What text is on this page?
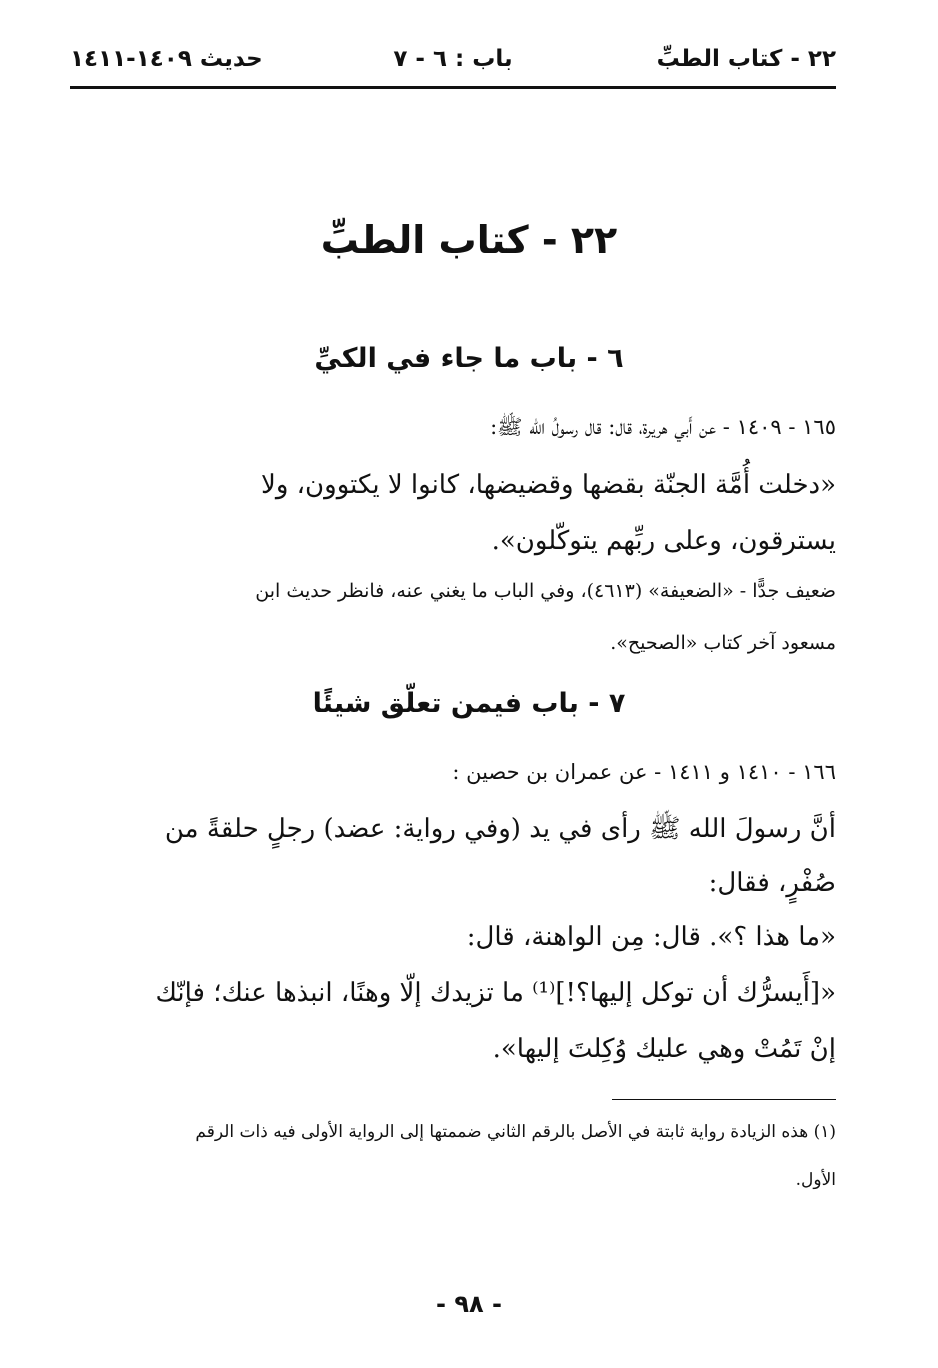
٢٢ - كتاب الطبِّ
باب : ٦ - ٧
حديث ١٤٠٩-١٤١١
٢٢ - كتاب الطبِّ
٦ - باب ما جاء في الكيِّ
١٦٥ - ١٤٠٩ - عن أَبي هريرة، قال: قال رسولُ الله ﷺ:
«دخلت أُمَّة الجنّة بقضها وقضيضها، كانوا لا يكتوون، ولا
يسترقون، وعلى ربِّهم يتوكّلون».
ضعيف جدًّا - «الضعيفة» (٤٦١٣)، وفي الباب ما يغني عنه، فانظر حديث ابن
مسعود آخر كتاب «الصحيح».
٧ - باب فيمن تعلّق شيئًا
١٦٦ - ١٤١٠ و ١٤١١ - عن عمران بن حصين :
أنَّ رسولَ الله ﷺ رأى في يد (وفي رواية: عضد) رجلٍ حلقةً من
صُفْرٍ، فقال:
«ما هذا ؟». قال: مِن الواهنة، قال:
«[أَيسرُّك أن توكل إليها؟!]⁽¹⁾ ما تزيدك إلّا وهنًا، انبذها عنك؛ فإنّك
إنْ تَمُتْ وهي عليك وُكِلتَ إليها».
(١) هذه الزيادة رواية ثابتة في الأصل بالرقم الثاني ضممتها إلى الرواية الأولى فيه ذات الرقم
الأول.
- ٩٨ -
